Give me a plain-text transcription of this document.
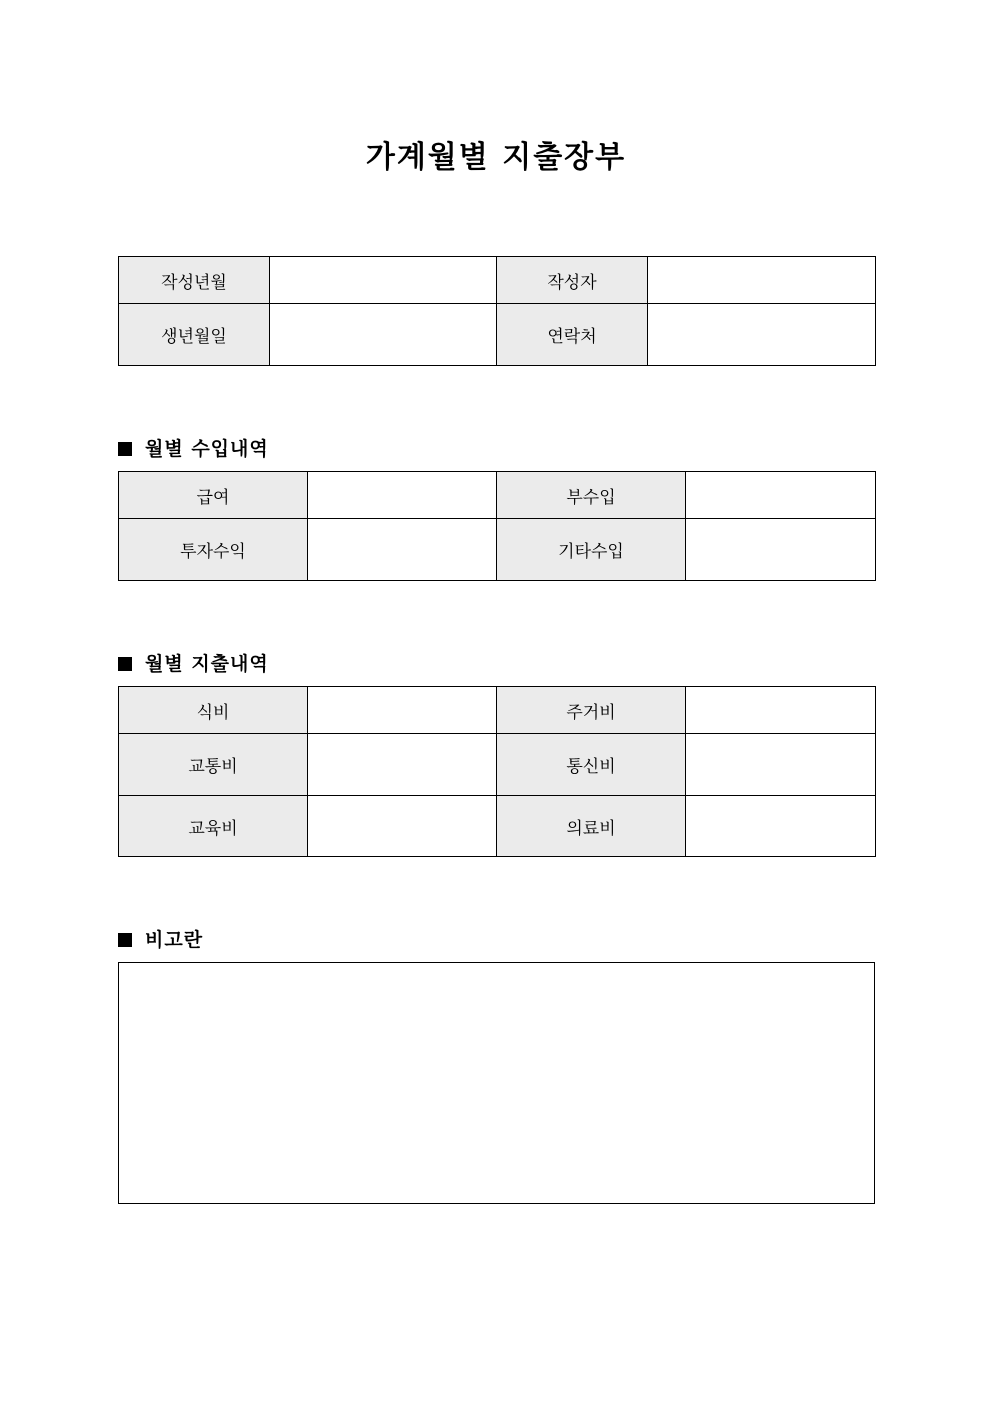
가계월별 지출장부
작성년월		작성자	
생년월일		연락처	
월별 수입내역
급여		부수입	
투자수익		기타수입	
월별 지출내역
식비		주거비	
교통비		통신비	
교육비		의료비	
비고란
